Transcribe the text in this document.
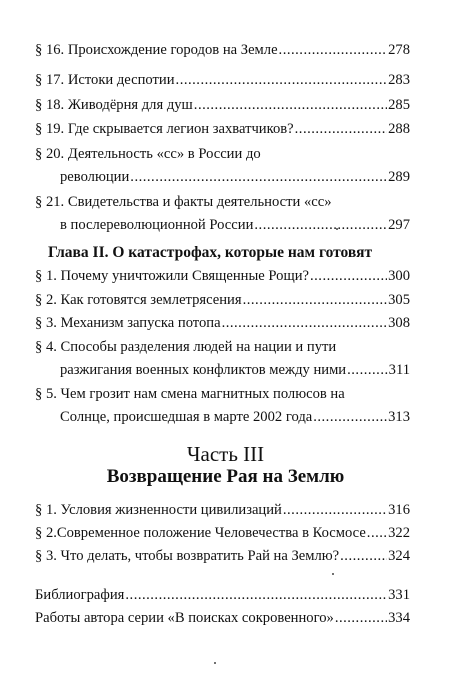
§ 16. Происхождение городов на Земле .....	278
§ 17. Истоки деспотии .....	283
§ 18. Живодёрня для душ .....	285
§ 19. Где скрывается легион захватчиков? .....	288
§ 20. Деятельность «сс» в России до
революции .....	289
§ 21. Свидетельства и факты деятельности «сс»
в послереволюционной России .....	297
Глава II. О катастрофах, которые нам готовят
§ 1. Почему уничтожили Священные Рощи? .....	300
§ 2. Как готовятся землетрясения .....	305
§ 3. Механизм запуска потопа .....	308
§ 4. Способы разделения людей на нации и пути
разжигания военных конфликтов между ними .....	311
§ 5. Чем грозит нам смена магнитных полюсов на
Солнце, происшедшая в марте 2002 года .....	313
Часть III
Возвращение Рая на Землю
§ 1. Условия жизненности цивилизаций .....	316
§ 2.Современное положение Человечества в Космосе ..... 322
§ 3. Что делать, чтобы возвратить Рай на Землю? .....	324
Библиография .....	331
Работы автора серии «В поисках сокровенного» .....	334
